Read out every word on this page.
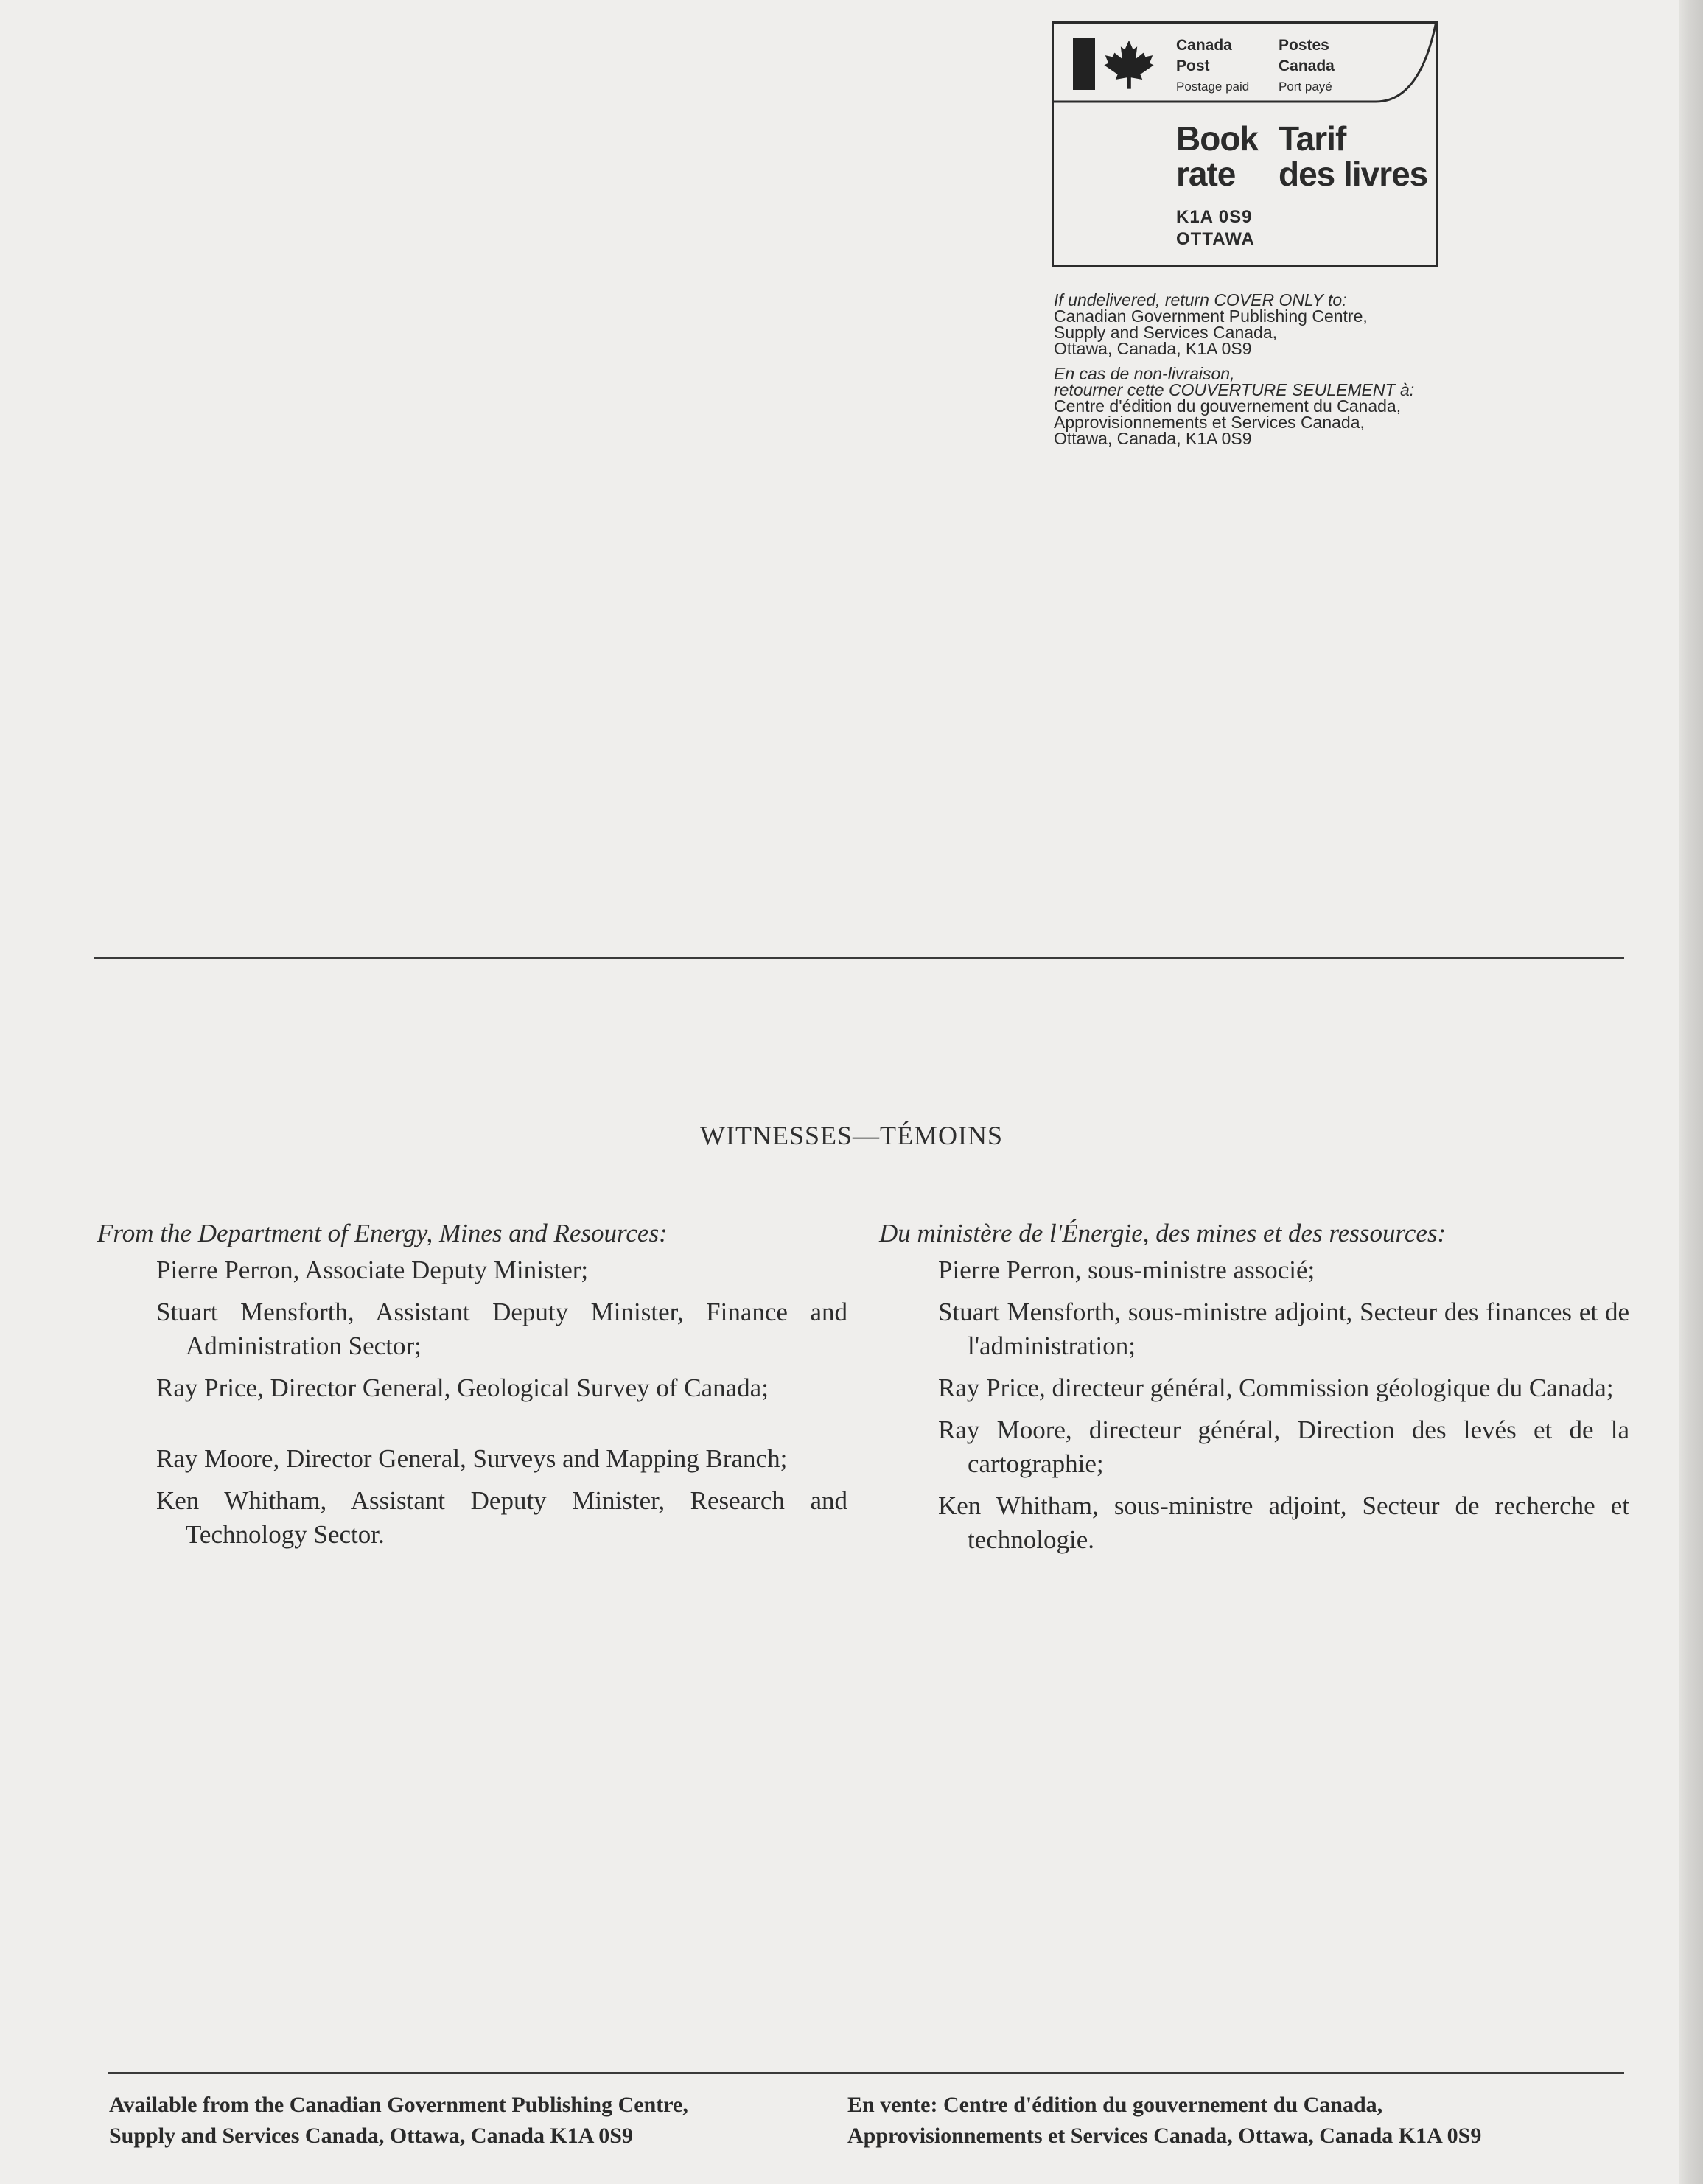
Canada
Post
Postage paid
Postes
Canada
Port payé
Book
rate
Tarif
des livres
K1A 0S9
OTTAWA
If undelivered, return COVER ONLY to:
Canadian Government Publishing Centre,
Supply and Services Canada,
Ottawa, Canada, K1A 0S9
En cas de non-livraison,
retourner cette COUVERTURE SEULEMENT à:
Centre d'édition du gouvernement du Canada,
Approvisionnements et Services Canada,
Ottawa, Canada, K1A 0S9
WITNESSES—TÉMOINS
From the Department of Energy, Mines and Resources:
Pierre Perron, Associate Deputy Minister;
Stuart Mensforth, Assistant Deputy Minister, Finance and Administration Sector;
Ray Price, Director General, Geological Survey of Canada;
Ray Moore, Director General, Surveys and Mapping Branch;
Ken Whitham, Assistant Deputy Minister, Research and Technology Sector.
Du ministère de l'Énergie, des mines et des ressources:
Pierre Perron, sous-ministre associé;
Stuart Mensforth, sous-ministre adjoint, Secteur des finances et de l'administration;
Ray Price, directeur général, Commission géologique du Canada;
Ray Moore, directeur général, Direction des levés et de la cartographie;
Ken Whitham, sous-ministre adjoint, Secteur de recherche et technologie.
Available from the Canadian Government Publishing Centre,
Supply and Services Canada, Ottawa, Canada K1A 0S9
En vente: Centre d'édition du gouvernement du Canada,
Approvisionnements et Services Canada, Ottawa, Canada K1A 0S9
